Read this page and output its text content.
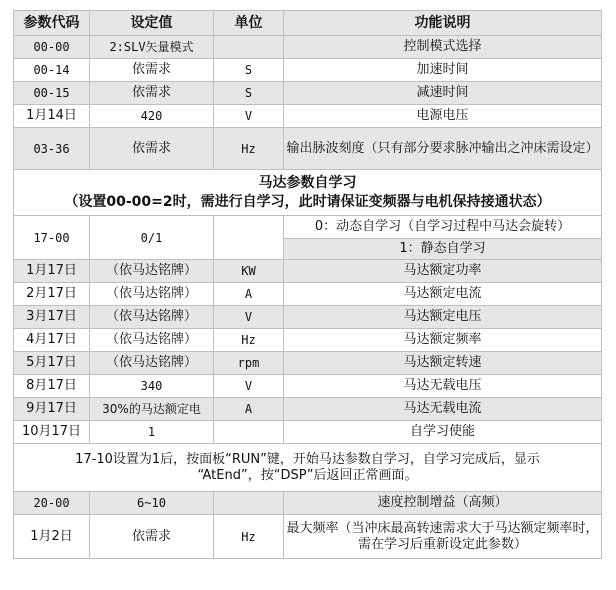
参数代码	设定值	单位	功能说明
00-00	2:SLV矢量模式		控制模式选择
00-14	依需求	S	加速时间
00-15	依需求	S	减速时间
1月14日	420	V	电源电压
03-36	依需求	Hz	输出脉波刻度（只有部分要求脉冲输出之冲床需设定）

马达参数自学习
（设置00-00=2时，需进行自学习，此时请保证变频器与电机保持接通状态）			

17-00	0/1		0：动态自学习（自学习过程中马达会旋转）
			1：静态自学习
1月17日	（依马达铭牌）	KW	马达额定功率
2月17日	（依马达铭牌）	A	马达额定电流
3月17日	（依马达铭牌）	V	马达额定电压
4月17日	（依马达铭牌）	Hz	马达额定频率
5月17日	（依马达铭牌）	rpm	马达额定转速
8月17日	340	V	马达无载电压
9月17日	30%的马达额定电	A	马达无载电流
10月17日	1		自学习使能

17-10设置为1后，按面板“RUN”键，开始马达参数自学习，自学习完成后，显示
“AtEnd”，按“DSP”后返回正常画面。			

20-00	6~10		速度控制增益（高频）
1月2日	依需求	Hz	最大频率（当冲床最高转速需求大于马达额定频率时，需在学习后重新设定此参数）
